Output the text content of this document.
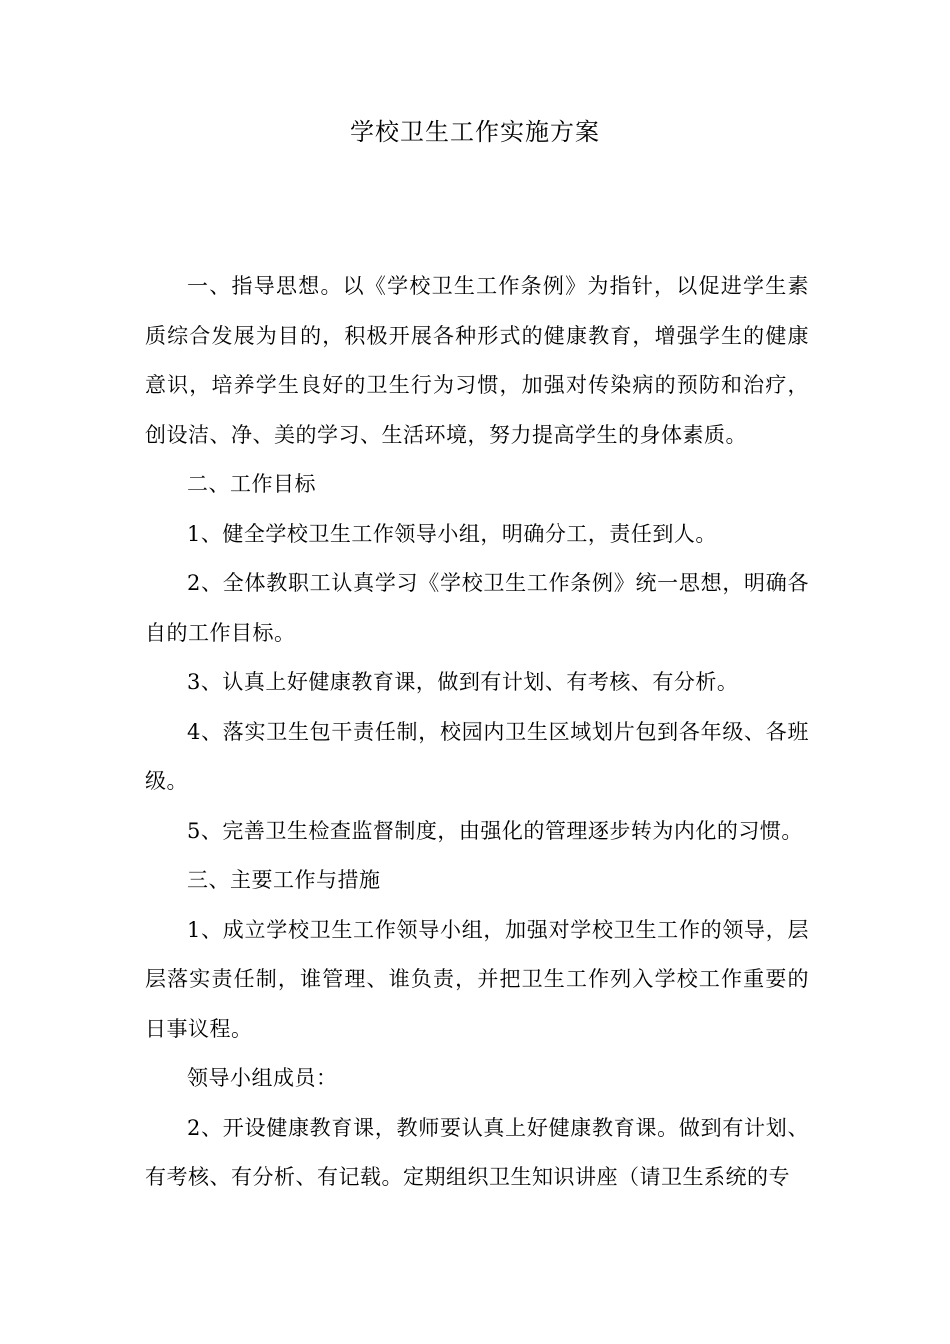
学校卫生工作实施方案

一、指导思想。以《学校卫生工作条例》为指针，以促进学生素质综合发展为目的，积极开展各种形式的健康教育，增强学生的健康意识，培养学生良好的卫生行为习惯，加强对传染病的预防和治疗，创设洁、净、美的学习、生活环境，努力提高学生的身体素质。

二、工作目标

1、健全学校卫生工作领导小组，明确分工，责任到人。

2、全体教职工认真学习《学校卫生工作条例》统一思想，明确各自的工作目标。

3、认真上好健康教育课，做到有计划、有考核、有分析。

4、落实卫生包干责任制，校园内卫生区域划片包到各年级、各班级。

5、完善卫生检查监督制度，由强化的管理逐步转为内化的习惯。

三、主要工作与措施

1、成立学校卫生工作领导小组，加强对学校卫生工作的领导，层层落实责任制，谁管理、谁负责，并把卫生工作列入学校工作重要的日事议程。

领导小组成员：

2、开设健康教育课，教师要认真上好健康教育课。做到有计划、有考核、有分析、有记载。定期组织卫生知识讲座（请卫生系统的专
